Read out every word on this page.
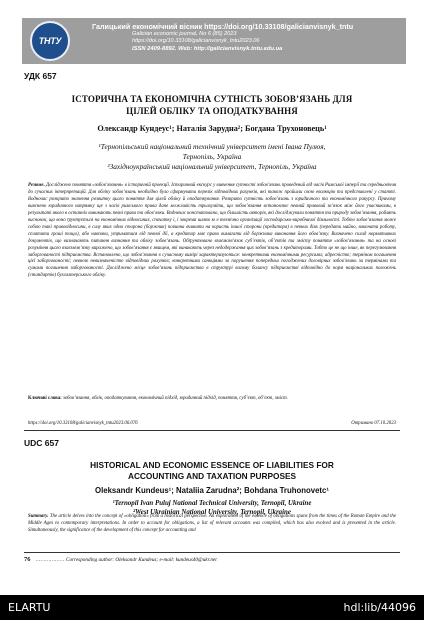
ТНТУ
Галицький економічний вісник https://doi.org/10.33108/galicianvisnyk_tntu
Galician economic journal, No 6 (85) 2023
https://doi.org/10.33108/galicianvisnyk_tntu2023.06
ISSN 2409-8892. Web: http://galicianvisnyk.tntu.edu.ua
УДК 657
ІСТОРИЧНА ТА ЕКОНОМІЧНА СУТНІСТЬ ЗОБОВ’ЯЗАНЬ ДЛЯ
ЦІЛЕЙ ОБЛІКУ ТА ОПОДАТКУВАННЯ
Олександр Кундеус¹; Наталія Зарудна²; Богдана Трухоновець¹
¹Тернопільський національний технічний університет імені Івана Пулюя,
Тернопіль, Україна
²Західноукраїнський національний університет, Тернопіль, Україна
Резюме. Досліджено поняття «зобов’язання» в історичній проекції. Історичний екскурс у вивчення сутності зобов’язань проведений від часів Римської імперії та середньовіччя до сучасних інтерпретацій. Для обліку зобов’язань необхідно було сформувати перелік відповідних рахунків, які також пройшли свою еволюцію та представлені у статті. Водночас розкрито значення розвитку цього поняття для цілей обліку й оподаткування. Розкрито сутність зобов’язань з юридичного та економічного ракурсу. Причому вияснено юридичного напрямку ще з часів римського права дане можливість трьохуміти, що зобов’язання встановлює певний правовий зв’язок між його учасниками, в результаті якого в останніх виникають певні права та обов’язки. Водночас констатовано, що більшість авторів, які досліджували поняття та природу зобов’язання, роблять висновок, що воно ґрунтується на економічних відносинах, спочатку і, і зокрема шляхо ю е технічно організації господарсько-виробничої діяльності. Тобто зобов’язання може собою такі правовідносини, в силу яких одна сторона (боржник) повинна вчинити на користь іншої сторони (кредитора) в певних діях (передати майно, виконати роботу, сплатити гроші тощо), або навпаки, утриматися від певної дії, а кредитор має право вимагати від боржника виконання його обов’язку. Визначено склад нормативних документів, що визначають питання визнання та обліку зобов’язань. Обґрунтовано взаємозв’язок суб’єктів, об’єктів та змісту поняття «зобов’язання» та на основі розуміння цього взаємозв’язку виражено, що зобов’язання є явищем, які виникають через недодержання цих зобов’язань з кредиторами. Тобто це не що інше, як перегулювання заборгованості підприємства. Встановлено, що зобов’язання в сучасному вимірі характеризуються: конкретними економічними ресурсами; адресністю; терміном погашення цієї заборгованості; певною невизначеністю відповідних рахунків; конкретними санкціями за порушення попередньо погоджених договірних зобов’язань за термінами та сумами погашення заборгованості. Досліджено місце зобов’язань підприємства в структурі вагому балансу підприємстві відповідно до норм національних положень (стандартів) бухгалтерського обліку.
Ключові слова: зобов’язання, облік, оподаткування, економічний підхід, юридичний підхід, поняття, суб’єкт, об’єкт, зміст.
https://doi.org/10.33108/galicianvisnyk_tntu2023.06.076	Отримано 07.10.2023
UDC 657
HISTORICAL AND ECONOMIC ESSENCE OF LIABILITIES FOR
ACCOUNTING AND TAXATION PURPOSES
Oleksandr Kundeus¹; Nataliia Zarudna²; Bohdana Truhonovetc¹
¹Ternopil Ivan Puluj National Technical University, Ternopil, Ukraine
²West Ukrainian National University, Ternopil, Ukraine
Summary. The article delves into the concept of «obligation» from a historical perspective. An exploration of the essence of obligations spans from the times of the Roman Empire and the Middle Ages to contemporary interpretations. In order to account for obligations, a list of relevant accounts was compiled, which has also evolved and is presented in the article. Simultaneously, the significance of the development of this concept for accounting and
76 ……………… Corresponding author: Oleksandr Kundeus; e-mail: kundeus40@ukr.net
ELARTU	hdl:lib/44096
